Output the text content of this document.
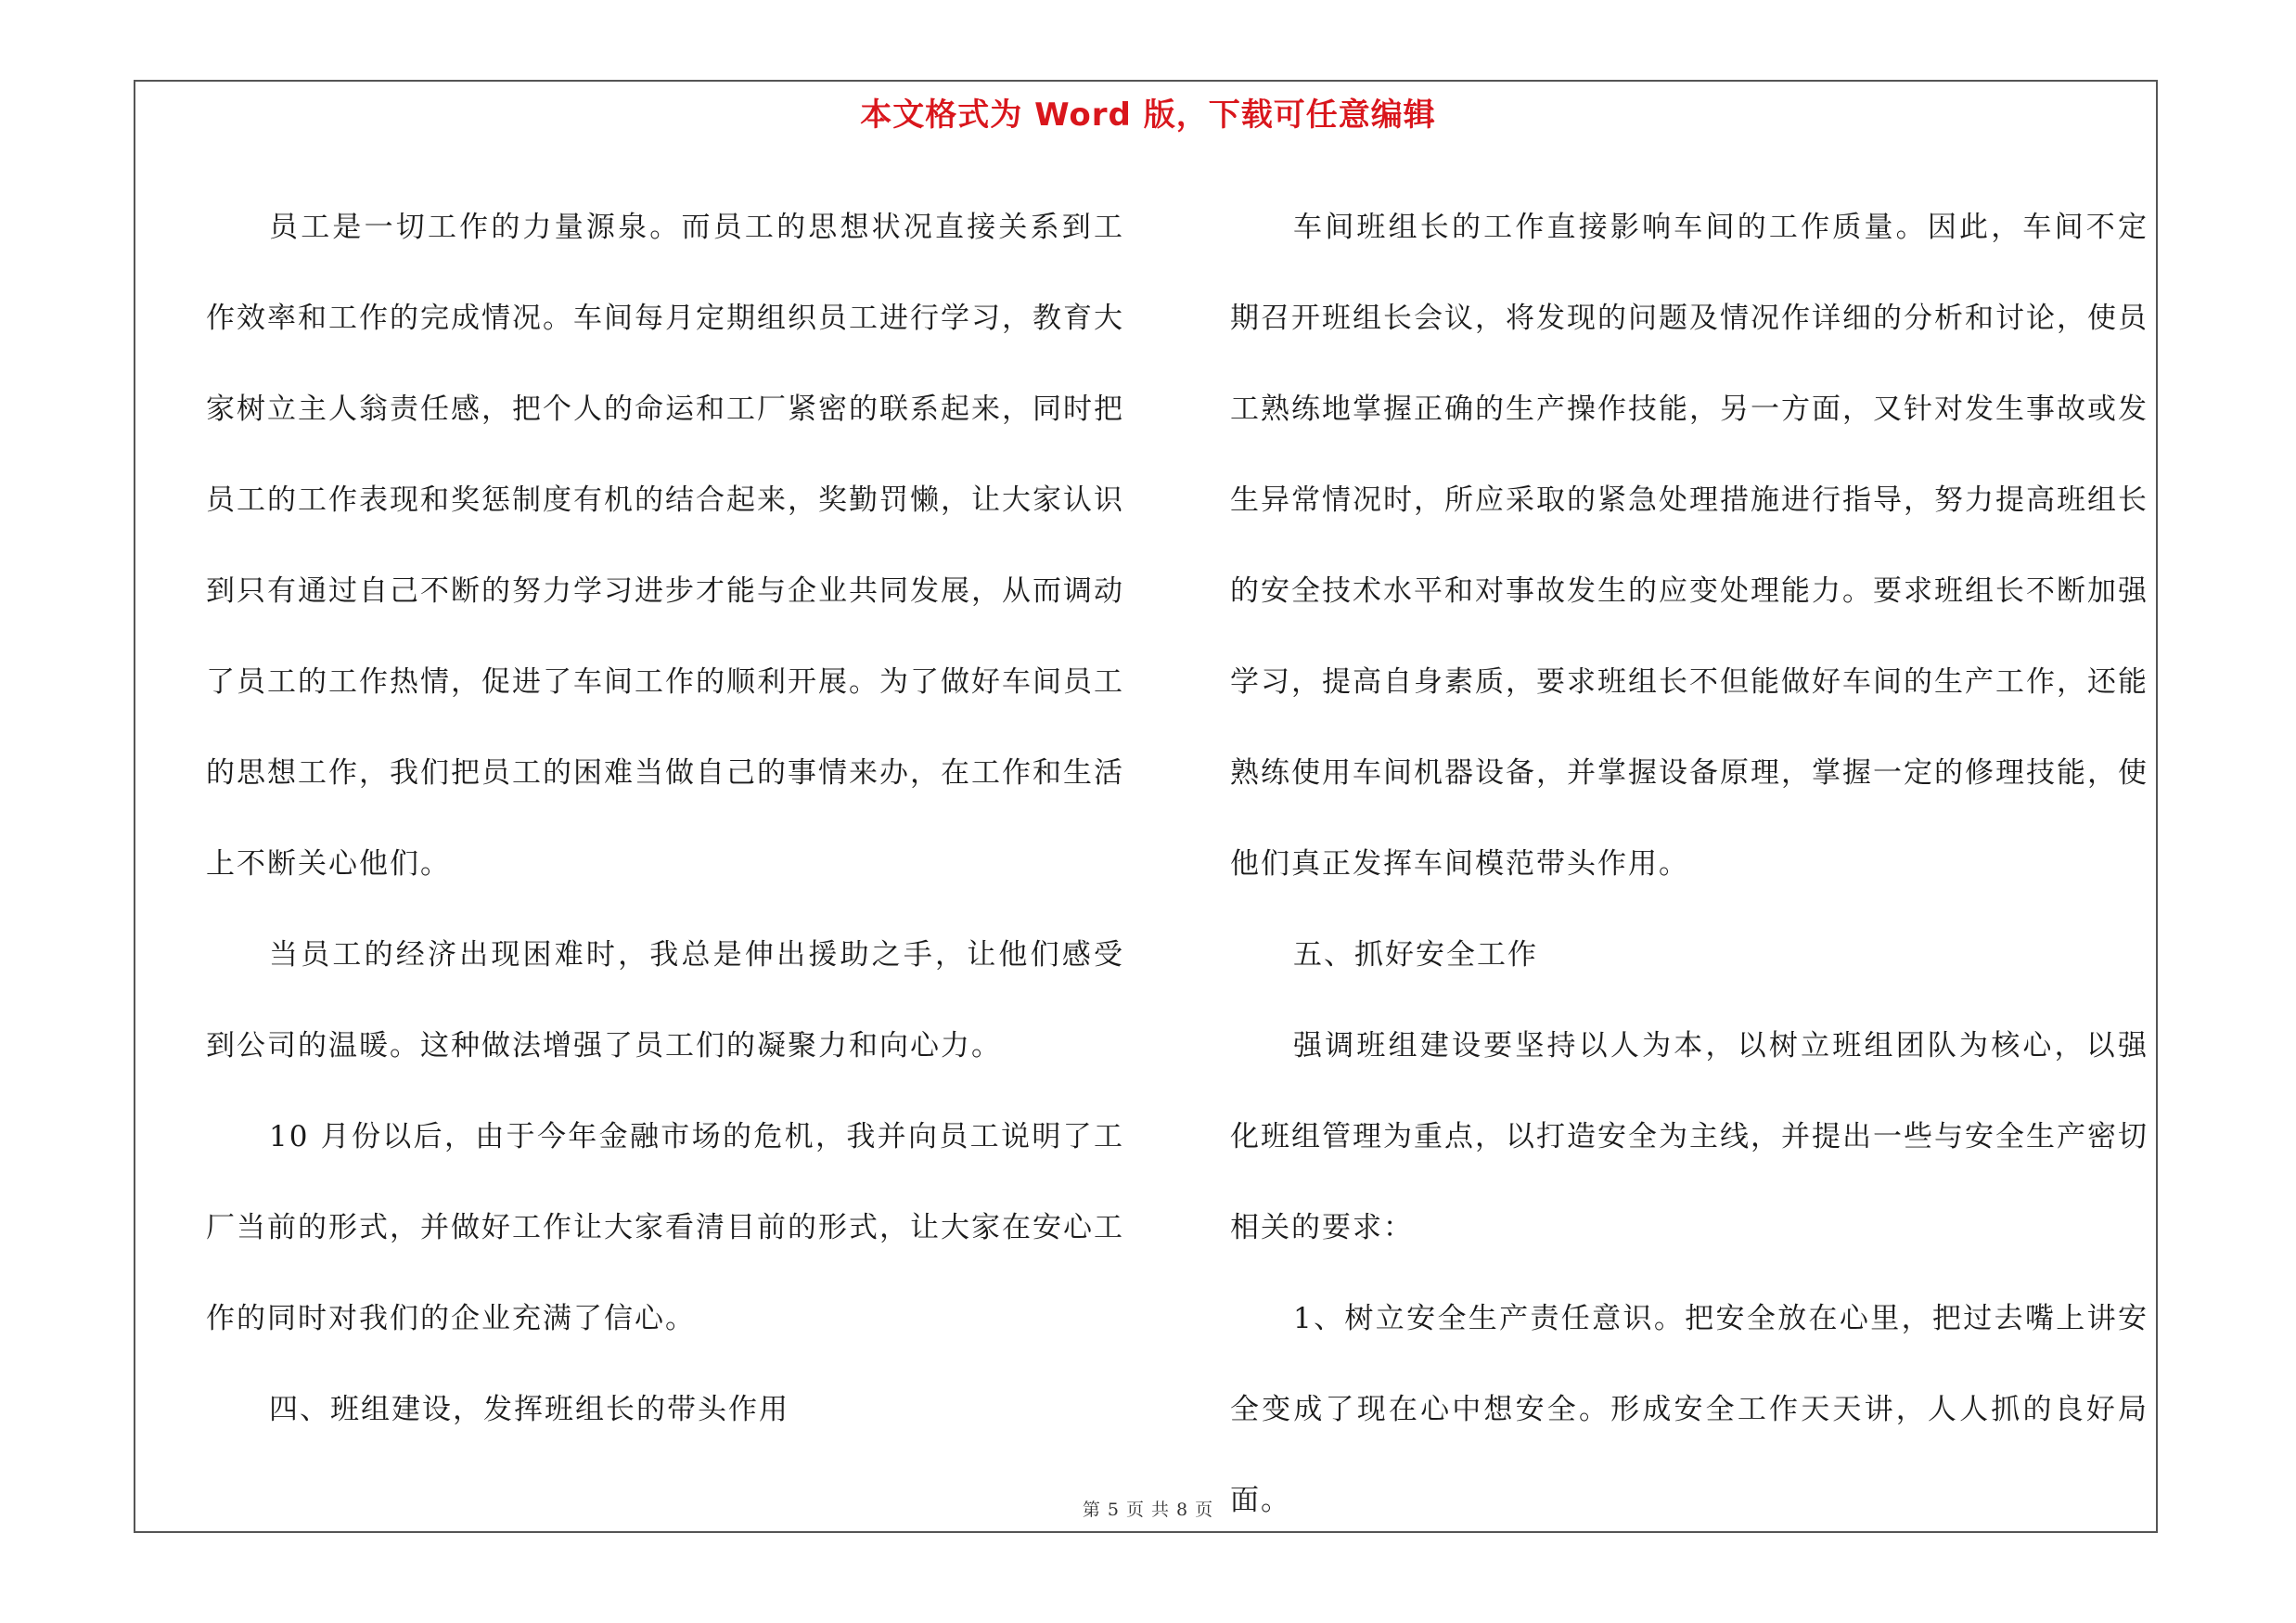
本文格式为 Word 版，下载可任意编辑

员工是一切工作的力量源泉。而员工的思想状况直接关系到工作效率和工作的完成情况。车间每月定期组织员工进行学习，教育大家树立主人翁责任感，把个人的命运和工厂紧密的联系起来，同时把员工的工作表现和奖惩制度有机的结合起来，奖勤罚懒，让大家认识到只有通过自己不断的努力学习进步才能与企业共同发展，从而调动了员工的工作热情，促进了车间工作的顺利开展。为了做好车间员工的思想工作，我们把员工的困难当做自己的事情来办，在工作和生活上不断关心他们。

当员工的经济出现困难时，我总是伸出援助之手，让他们感受到公司的温暖。这种做法增强了员工们的凝聚力和向心力。

10 月份以后，由于今年金融市场的危机，我并向员工说明了工厂当前的形式，并做好工作让大家看清目前的形式，让大家在安心工作的同时对我们的企业充满了信心。

四、班组建设，发挥班组长的带头作用

车间班组长的工作直接影响车间的工作质量。因此，车间不定期召开班组长会议，将发现的问题及情况作详细的分析和讨论，使员工熟练地掌握正确的生产操作技能，另一方面，又针对发生事故或发生异常情况时，所应采取的紧急处理措施进行指导，努力提高班组长的安全技术水平和对事故发生的应变处理能力。要求班组长不断加强学习，提高自身素质，要求班组长不但能做好车间的生产工作，还能熟练使用车间机器设备，并掌握设备原理，掌握一定的修理技能，使他们真正发挥车间模范带头作用。

五、抓好安全工作

强调班组建设要坚持以人为本，以树立班组团队为核心，以强化班组管理为重点，以打造安全为主线，并提出一些与安全生产密切相关的要求：

1、树立安全生产责任意识。把安全放在心里，把过去嘴上讲安全变成了现在心中想安全。形成安全工作天天讲，人人抓的良好局面。

第 5 页 共 8 页
